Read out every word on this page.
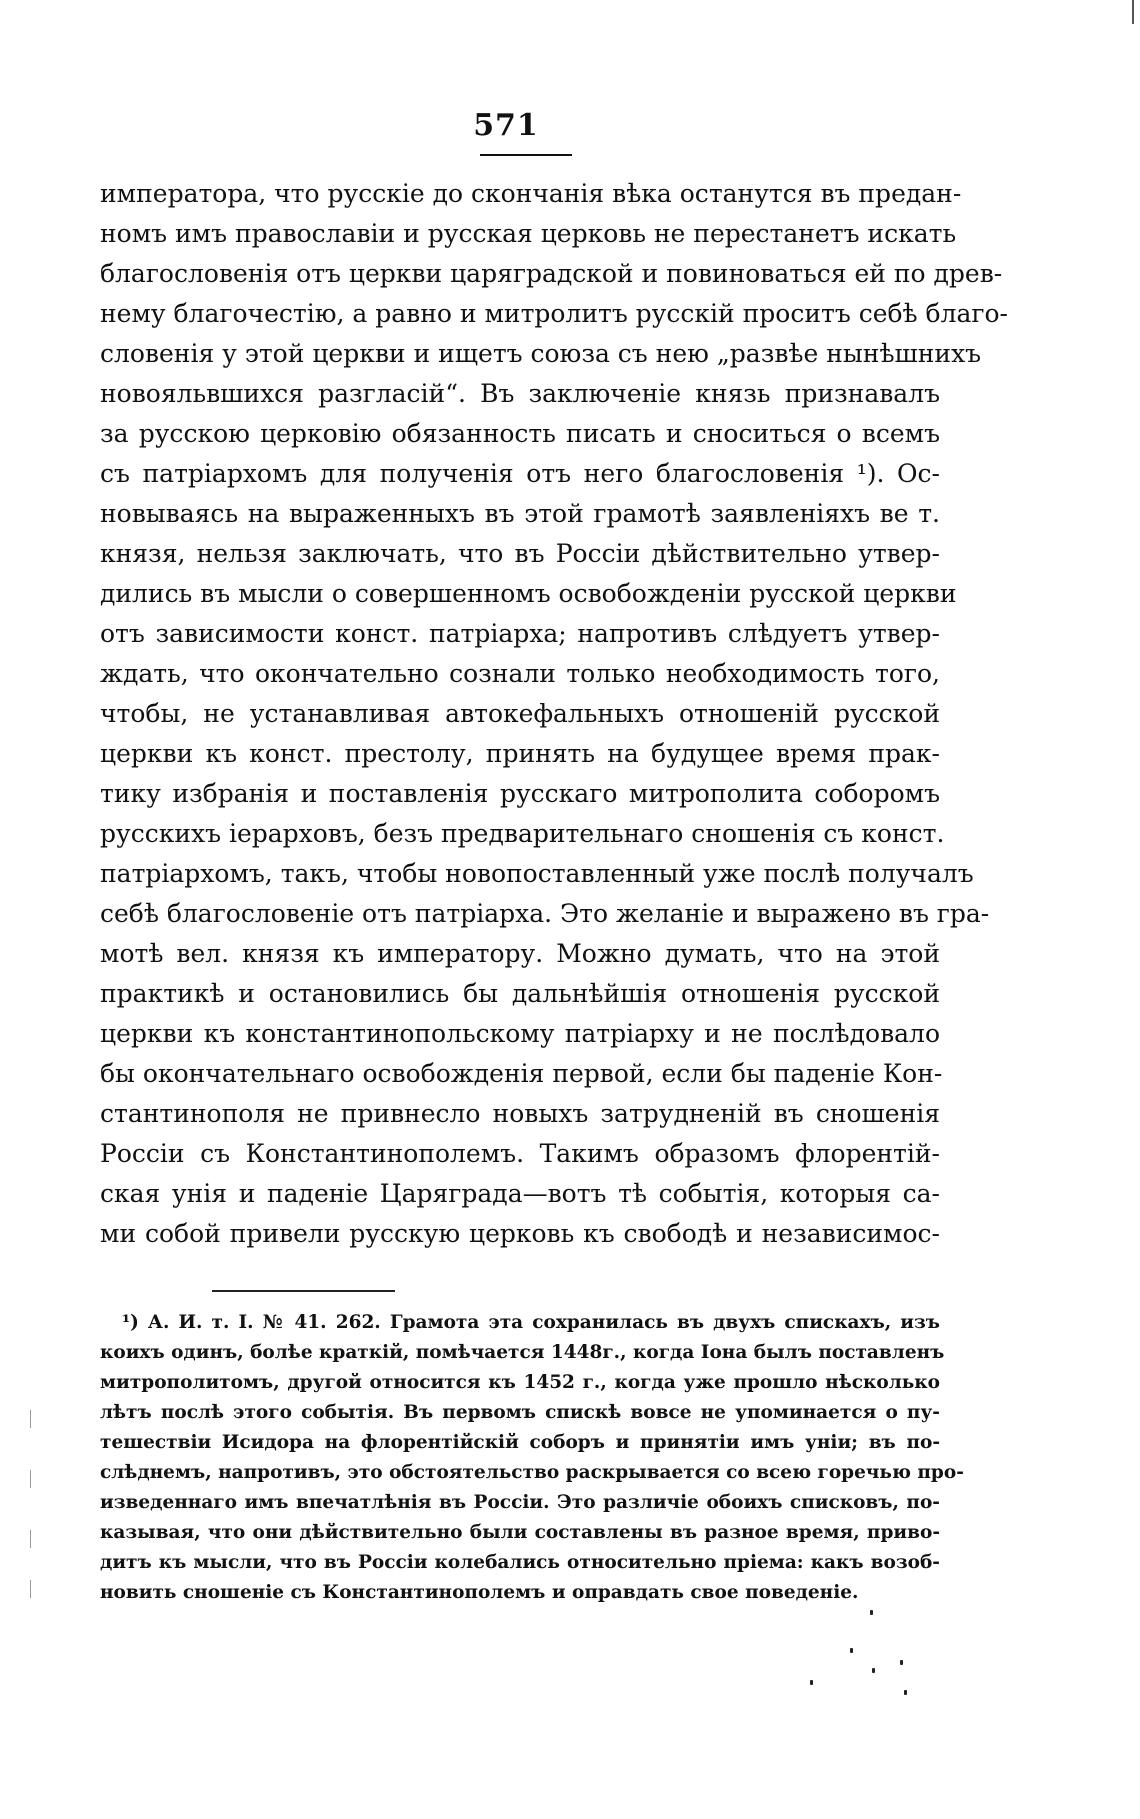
571
императора, что русскіе до скончанія вѣка останутся въ предан-
номъ имъ православіи и русская церковь не перестанетъ искать
благословенія отъ церкви царяградской и повиноваться ей по древ-
нему благочестію, а равно и митролитъ русскій проситъ себѣ благо-
словенія у этой церкви и ищетъ союза съ нею „развѣе нынѣшнихъ
новояльвшихся разгласій“. Въ заключеніе князь признавалъ
за русскою церковію обязанность писать и сноситься о всемъ
съ патріархомъ для полученія отъ него благословенія ¹). Ос-
новываясь на выраженныхъ въ этой грамотѣ заявленіяхъ ве т.
князя, нельзя заключать, что въ Россіи дѣйствительно утвер-
дились въ мысли о совершенномъ освобожденіи русской церкви
отъ зависимости конст. патріарха; напротивъ слѣдуетъ утвер-
ждать, что окончательно сознали только необходимость того,
чтобы, не устанавливая автокефальныхъ отношеній русской
церкви къ конст. престолу, принять на будущее время прак-
тику избранія и поставленія русскаго митрополита соборомъ
русскихъ іерарховъ, безъ предварительнаго сношенія съ конст.
патріархомъ, такъ, чтобы новопоставленный уже послѣ получалъ
себѣ благословеніе отъ патріарха. Это желаніе и выражено въ гра-
мотѣ вел. князя къ императору. Можно думать, что на этой
практикѣ и остановились бы дальнѣйшія отношенія русской
церкви къ константинопольскому патріарху и не послѣдовало
бы окончательнаго освобожденія первой, если бы паденіе Кон-
стантинополя не привнесло новыхъ затрудненій въ сношенія
Россіи съ Константинополемъ. Такимъ образомъ флорентій-
ская унія и паденіе Царяграда—вотъ тѣ событія, которыя са-
ми собой привели русскую церковь къ свободѣ и независимос-
¹) А. И. т. I. № 41. 262. Грамота эта сохранилась въ двухъ спискахъ, изъ
коихъ одинъ, болѣе краткій, помѣчается 1448г., когда Іона былъ поставленъ
митрополитомъ, другой относится къ 1452 г., когда уже прошло нѣсколько
лѣтъ послѣ этого событія. Въ первомъ спискѣ вовсе не упоминается о пу-
тешествіи Исидора на флорентійскій соборъ и принятіи имъ уніи; въ по-
слѣднемъ, напротивъ, это обстоятельство раскрывается со всею горечью про-
изведеннаго имъ впечатлѣнія въ Россіи. Это различіе обоихъ списковъ, по-
казывая, что они дѣйствительно были составлены въ разное время, приво-
дитъ къ мысли, что въ Россіи колебались относительно пріема: какъ возоб-
новить сношеніе съ Константинополемъ и оправдать свое поведеніе.
